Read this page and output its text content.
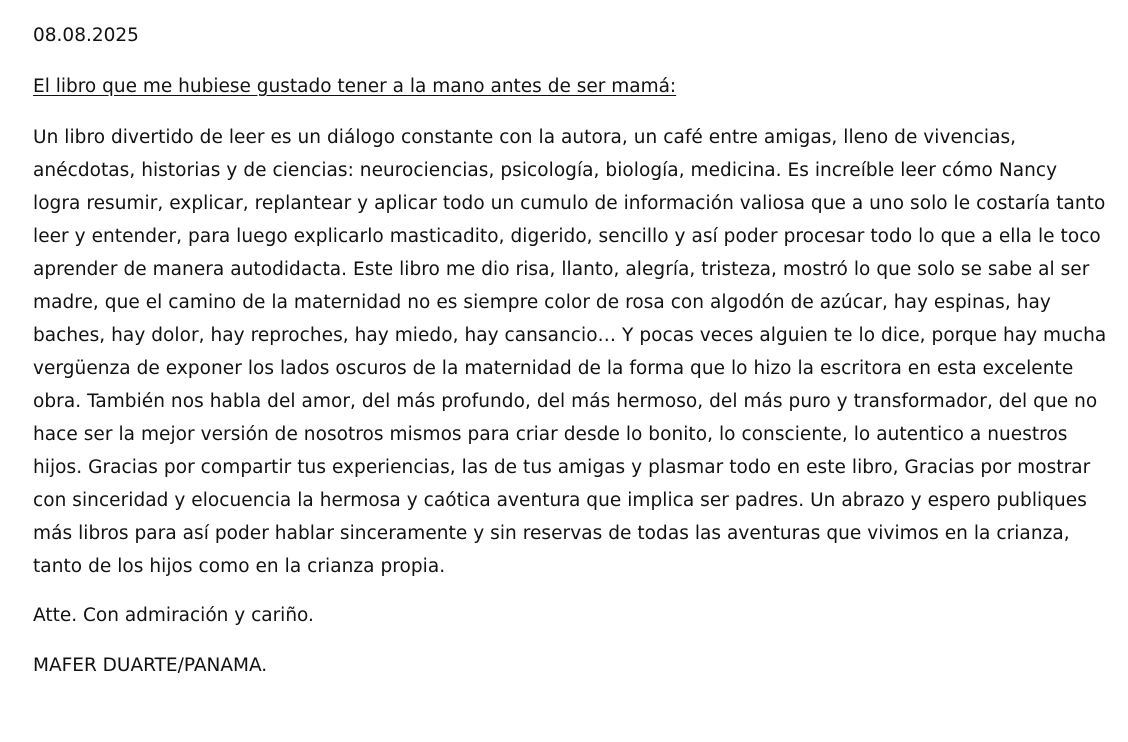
08.08.2025

El libro que me hubiese gustado tener a la mano antes de ser mamá:

Un libro divertido de leer es un diálogo constante con la autora, un café entre amigas, lleno de vivencias, anécdotas, historias y de ciencias: neurociencias, psicología, biología, medicina. Es increíble leer cómo Nancy logra resumir, explicar, replantear y aplicar todo un cumulo de información valiosa que a uno solo le costaría tanto leer y entender, para luego explicarlo masticadito, digerido, sencillo y así poder procesar todo lo que a ella le toco aprender de manera autodidacta. Este libro me dio risa, llanto, alegría, tristeza, mostró lo que solo se sabe al ser madre, que el camino de la maternidad no es siempre color de rosa con algodón de azúcar, hay espinas, hay baches, hay dolor, hay reproches, hay miedo, hay cansancio… Y pocas veces alguien te lo dice, porque hay mucha vergüenza de exponer los lados oscuros de la maternidad de la forma que lo hizo la escritora en esta excelente obra. También nos habla del amor, del más profundo, del más hermoso, del más puro y transformador, del que no hace ser la mejor versión de nosotros mismos para criar desde lo bonito, lo consciente, lo autentico a nuestros hijos. Gracias por compartir tus experiencias, las de tus amigas y plasmar todo en este libro, Gracias por mostrar con sinceridad y elocuencia la hermosa y caótica aventura que implica ser padres. Un abrazo y espero publiques más libros para así poder hablar sinceramente y sin reservas de todas las aventuras que vivimos en la crianza, tanto de los hijos como en la crianza propia.

Atte. Con admiración y cariño.

MAFER DUARTE/PANAMA.
